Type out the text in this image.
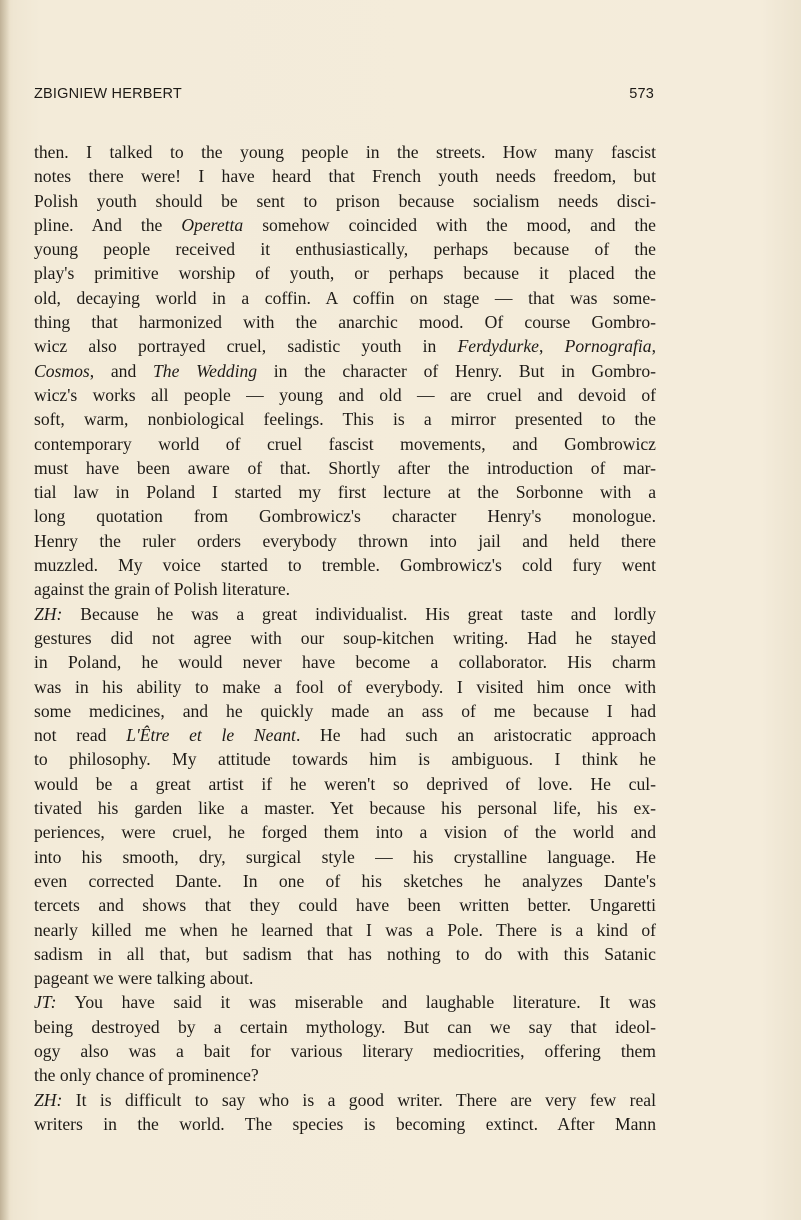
ZBIGNIEW HERBERT	573
then. I talked to the young people in the streets. How many fascist
notes there were! I have heard that French youth needs freedom, but
Polish youth should be sent to prison because socialism needs disci-
pline. And the Operetta somehow coincided with the mood, and the
young people received it enthusiastically, perhaps because of the
play's primitive worship of youth, or perhaps because it placed the
old, decaying world in a coffin. A coffin on stage — that was some-
thing that harmonized with the anarchic mood. Of course Gombro-
wicz also portrayed cruel, sadistic youth in Ferdydurke, Pornografia,
Cosmos, and The Wedding in the character of Henry. But in Gombro-
wicz's works all people — young and old — are cruel and devoid of
soft, warm, nonbiological feelings. This is a mirror presented to the
contemporary world of cruel fascist movements, and Gombrowicz
must have been aware of that. Shortly after the introduction of mar-
tial law in Poland I started my first lecture at the Sorbonne with a
long quotation from Gombrowicz's character Henry's monologue.
Henry the ruler orders everybody thrown into jail and held there
muzzled. My voice started to tremble. Gombrowicz's cold fury went
against the grain of Polish literature.
ZH: Because he was a great individualist. His great taste and lordly
gestures did not agree with our soup-kitchen writing. Had he stayed
in Poland, he would never have become a collaborator. His charm
was in his ability to make a fool of everybody. I visited him once with
some medicines, and he quickly made an ass of me because I had
not read L'Être et le Neant. He had such an aristocratic approach
to philosophy. My attitude towards him is ambiguous. I think he
would be a great artist if he weren't so deprived of love. He cul-
tivated his garden like a master. Yet because his personal life, his ex-
periences, were cruel, he forged them into a vision of the world and
into his smooth, dry, surgical style — his crystalline language. He
even corrected Dante. In one of his sketches he analyzes Dante's
tercets and shows that they could have been written better. Ungaretti
nearly killed me when he learned that I was a Pole. There is a kind of
sadism in all that, but sadism that has nothing to do with this Satanic
pageant we were talking about.
JT: You have said it was miserable and laughable literature. It was
being destroyed by a certain mythology. But can we say that ideol-
ogy also was a bait for various literary mediocrities, offering them
the only chance of prominence?
ZH: It is difficult to say who is a good writer. There are very few real
writers in the world. The species is becoming extinct. After Mann
